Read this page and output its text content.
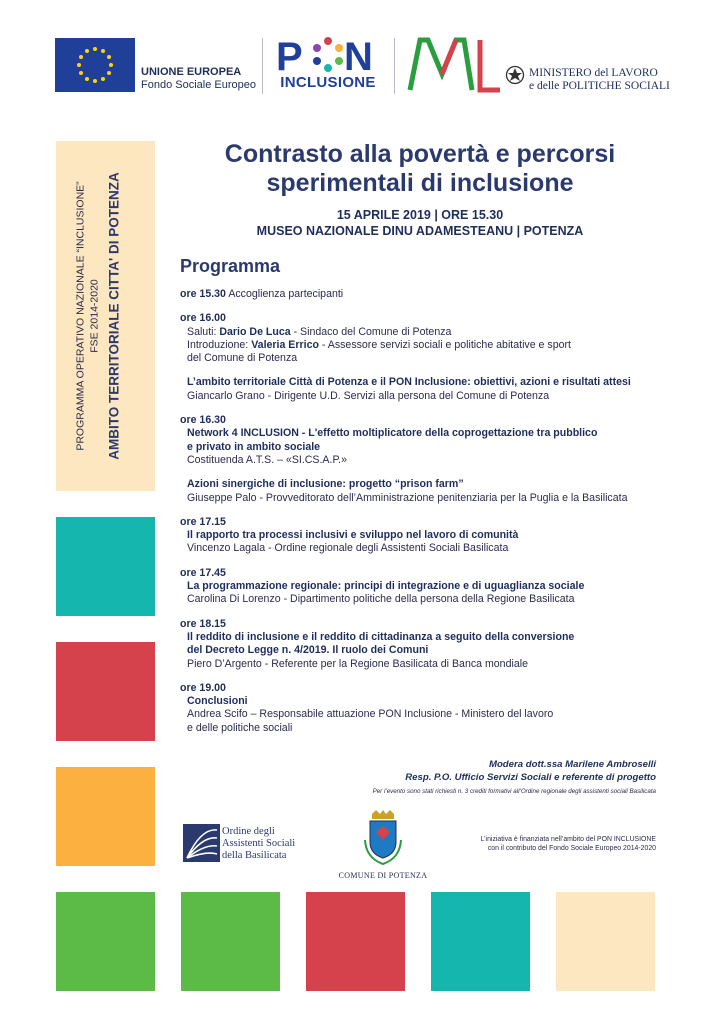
UNIONE EUROPEA
Fondo Sociale Europeo
P N
INCLUSIONE
MINISTERO del LAVORO
e delle POLITICHE SOCIALI
PROGRAMMA OPERATIVO NAZIONALE “INCLUSIONE” FSE 2014-2020 AMBITO TERRITORIALE CITTA' DI POTENZA
Contrasto alla povertà e percorsi
sperimentali di inclusione
15 APRILE 2019 | ORE 15.30
MUSEO NAZIONALE DINU ADAMESTEANU | POTENZA
Programma
ore 15.30 Accoglienza partecipanti
ore 16.00
Saluti: Dario De Luca - Sindaco del Comune di Potenza
Introduzione: Valeria Errico - Assessore servizi sociali e politiche abitative e sport
del Comune di Potenza
L’ambito territoriale Città di Potenza e il PON Inclusione: obiettivi, azioni e risultati attesi
Giancarlo Grano - Dirigente U.D. Servizi alla persona del Comune di Potenza
ore 16.30
Network 4 INCLUSION - L'effetto moltiplicatore della coprogettazione tra pubblico
e privato in ambito sociale
Costituenda A.T.S. – «SI.CS.A.P.»
Azioni sinergiche di inclusione: progetto “prison farm”
Giuseppe Palo - Provveditorato dell’Amministrazione penitenziaria per la Puglia e la Basilicata
ore 17.15
Il rapporto tra processi inclusivi e sviluppo nel lavoro di comunità
Vincenzo Lagala - Ordine regionale degli Assistenti Sociali Basilicata
ore 17.45
La programmazione regionale: principi di integrazione e di uguaglianza sociale
Carolina Di Lorenzo - Dipartimento politiche della persona della Regione Basilicata
ore 18.15
Il reddito di inclusione e il reddito di cittadinanza a seguito della conversione
del Decreto Legge n. 4/2019. Il ruolo dei Comuni
Piero D’Argento - Referente per la Regione Basilicata di Banca mondiale
ore 19.00
Conclusioni
Andrea Scifo – Responsabile attuazione PON Inclusione - Ministero del lavoro
e delle politiche sociali
Modera dott.ssa Marilene Ambroselli
Resp. P.O. Ufficio Servizi Sociali e referente di progetto
Per l’evento sono stati richiesti n. 3 crediti formativi all’Ordine regionale degli assistenti sociali Basilicata
Ordine degli
Assistenti Sociali
della Basilicata
COMUNE DI POTENZA
L’iniziativa è finanziata nell’ambito del PON INCLUSIONE
con il contributo del Fondo Sociale Europeo 2014-2020
